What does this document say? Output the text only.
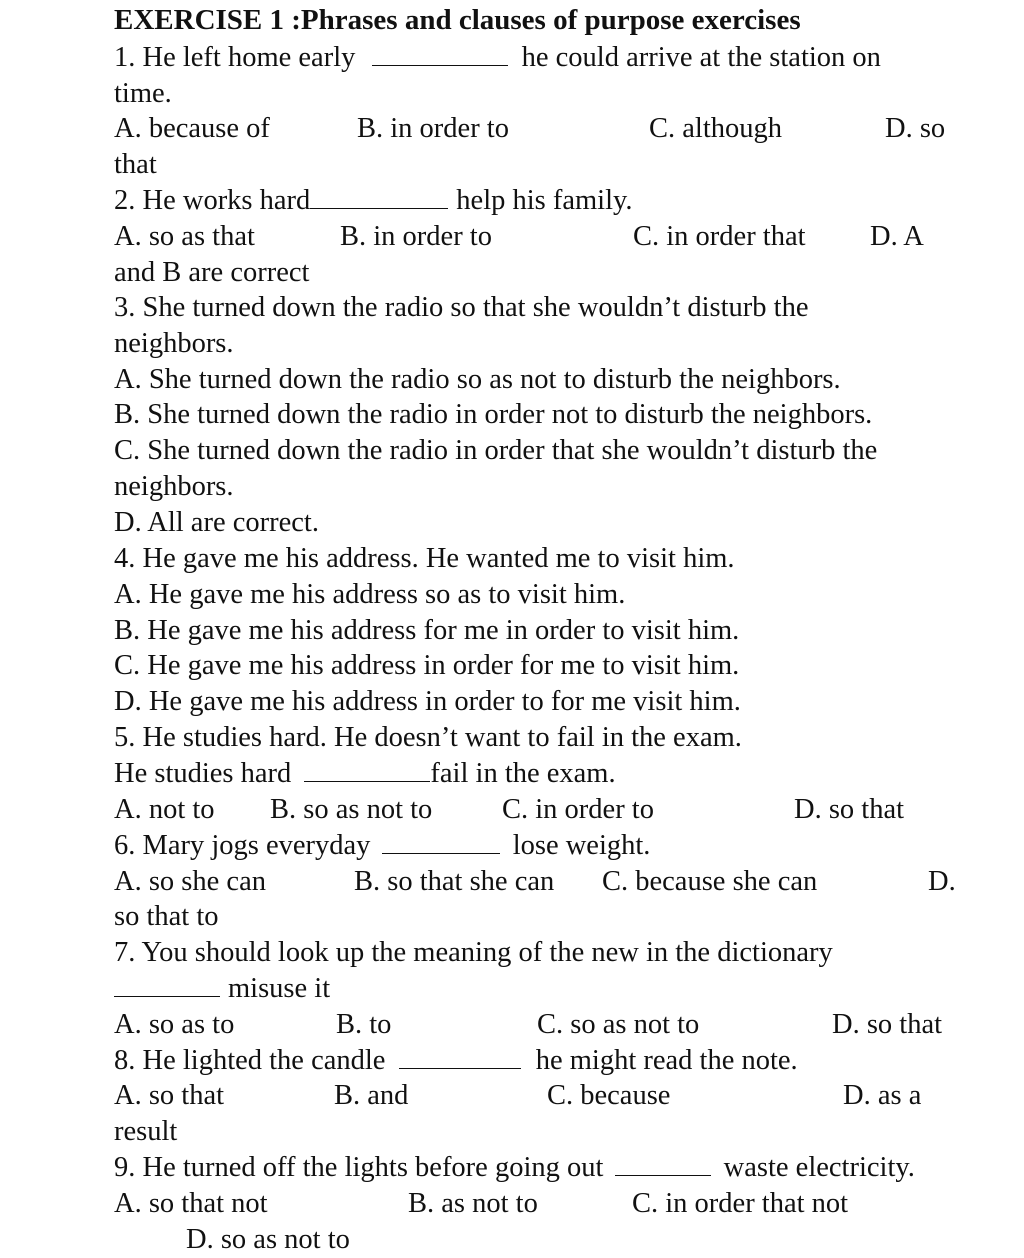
EXERCISE 1 :Phrases and clauses of purpose exercises
1. He left home early	he could arrive at the station on
time.
A. because of	B. in order to	C. although	D. so
that
2. He works hard	help his family.
A. so as that	B. in order to	C. in order that D. A
and B are correct
3. She turned down the radio so that she wouldn’t disturb the
neighbors.
A. She turned down the radio so as not to disturb the neighbors.
B. She turned down the radio in order not to disturb the neighbors.
C. She turned down the radio in order that she wouldn’t disturb the
neighbors.
D. All are correct.
4. He gave me his address. He wanted me to visit him.
A. He gave me his address so as to visit him.
B. He gave me his address for me in order to visit him.
C. He gave me his address in order for me to visit him.
D. He gave me his address in order to for me visit him.
5. He studies hard. He doesn’t want to fail in the exam.
He studies hard	fail in the exam.
A. not to B. so as not to C. in order to	D. so that
6. Mary jogs everyday	lose weight.
A. so she can	B. so that she can C. because she can	D.
so that to
7. You should look up the meaning of the new in the dictionary
misuse it
A. so as to	B. to	C. so as not to	D. so that
8. He lighted the candle	he might read the note.
A. so that	B. and	C. because	D. as a
result
9. He turned off the lights before going out	waste electricity.
A. so that not	B. as not to	C. in order that not
D. so as not to
